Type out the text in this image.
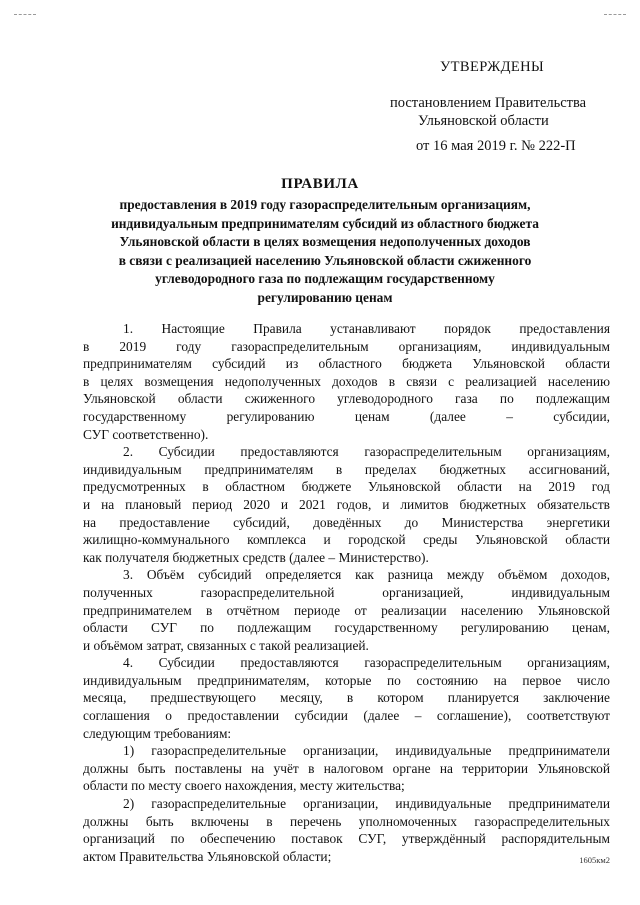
УТВЕРЖДЕНЫ
постановлением Правительства
Ульяновской области
от 16 мая 2019 г. № 222-П
ПРАВИЛА
предоставления в 2019 году газораспределительным организациям,
индивидуальным предпринимателям субсидий из областного бюджета
Ульяновской области в целях возмещения недополученных доходов
в связи с реализацией населению Ульяновской области сжиженного
углеводородного газа по подлежащим государственному
регулированию ценам

1. Настоящие Правила устанавливают порядок предоставления
в 2019 году газораспределительным организациям, индивидуальным
предпринимателям субсидий из областного бюджета Ульяновской области
в целях возмещения недополученных доходов в связи с реализацией населению
Ульяновской области сжиженного углеводородного газа по подлежащим
государственному регулированию ценам (далее – субсидии,
СУГ соответственно).

2. Субсидии предоставляются газораспределительным организациям,
индивидуальным предпринимателям в пределах бюджетных ассигнований,
предусмотренных в областном бюджете Ульяновской области на 2019 год
и на плановый период 2020 и 2021 годов, и лимитов бюджетных обязательств
на предоставление субсидий, доведённых до Министерства энергетики
жилищно-коммунального комплекса и городской среды Ульяновской области
как получателя бюджетных средств (далее – Министерство).

3. Объём субсидий определяется как разница между объёмом доходов,
полученных газораспределительной организацией, индивидуальным
предпринимателем в отчётном периоде от реализации населению Ульяновской
области СУГ по подлежащим государственному регулированию ценам,
и объёмом затрат, связанных с такой реализацией.

4. Субсидии предоставляются газораспределительным организациям,
индивидуальным предпринимателям, которые по состоянию на первое число
месяца, предшествующего месяцу, в котором планируется заключение
соглашения о предоставлении субсидии (далее – соглашение), соответствуют
следующим требованиям:

1) газораспределительные организации, индивидуальные предприниматели
должны быть поставлены на учёт в налоговом органе на территории Ульяновской
области по месту своего нахождения, месту жительства;

2) газораспределительные организации, индивидуальные предприниматели
должны быть включены в перечень уполномоченных газораспределительных
организаций по обеспечению поставок СУГ, утверждённый распорядительным
актом Правительства Ульяновской области;	1605км2
